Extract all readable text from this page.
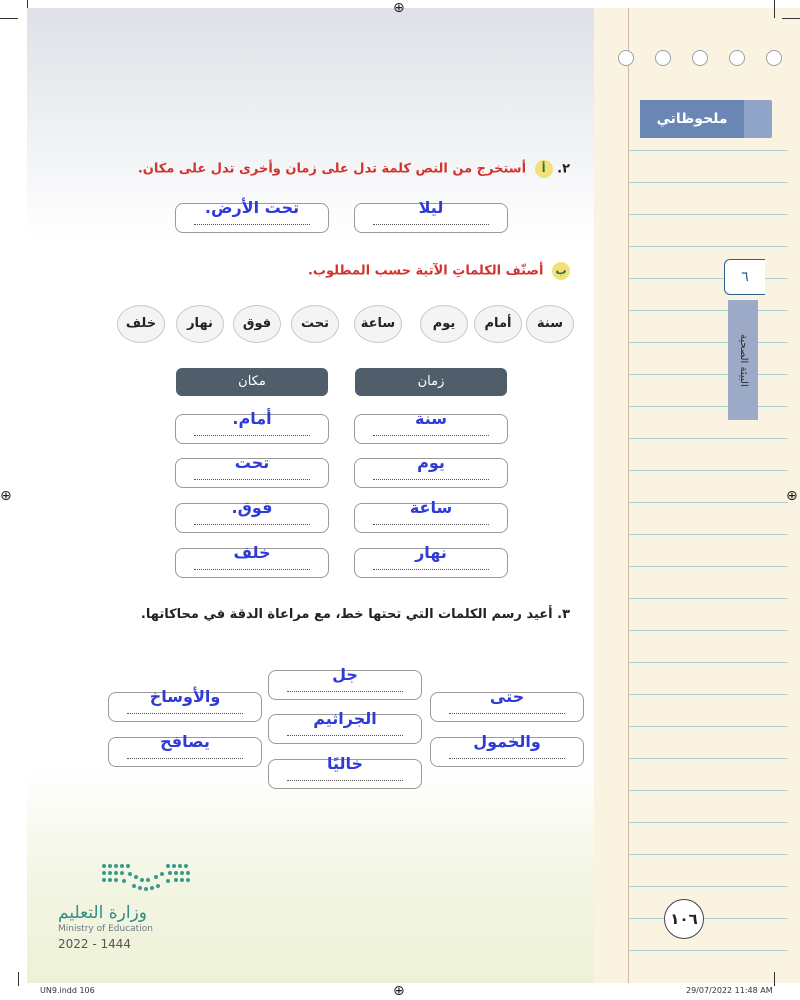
ملحوظاتي
٦
البيئة الصحية
⊕
⊕	⊕
⊕
٢. أ أستخرج من النص كلمة تدل على زمان وأخرى تدل على مكان.
ليلا
تحت الأرض.
ب أصنّف الكلماتِ الآتية حسب المطلوب.
سنة
أمام
يوم
ساعة
تحت
فوق
نهار
خلف
زمان
مكان
سنة
يوم
ساعة
نهار
أمام.
تحت
فوق.
خلف
٣. أعيد رسم الكلمات التي تحتها خط، مع مراعاة الدقة في محاكاتها.
حتى
والخمول
جل
الجراثيم
خاليًا
والأوساخ
يصافح
وزارة التعليم
Ministry of Education
2022 - 1444
١٠٦
UN9.indd 106	29/07/2022 11:48 AM
